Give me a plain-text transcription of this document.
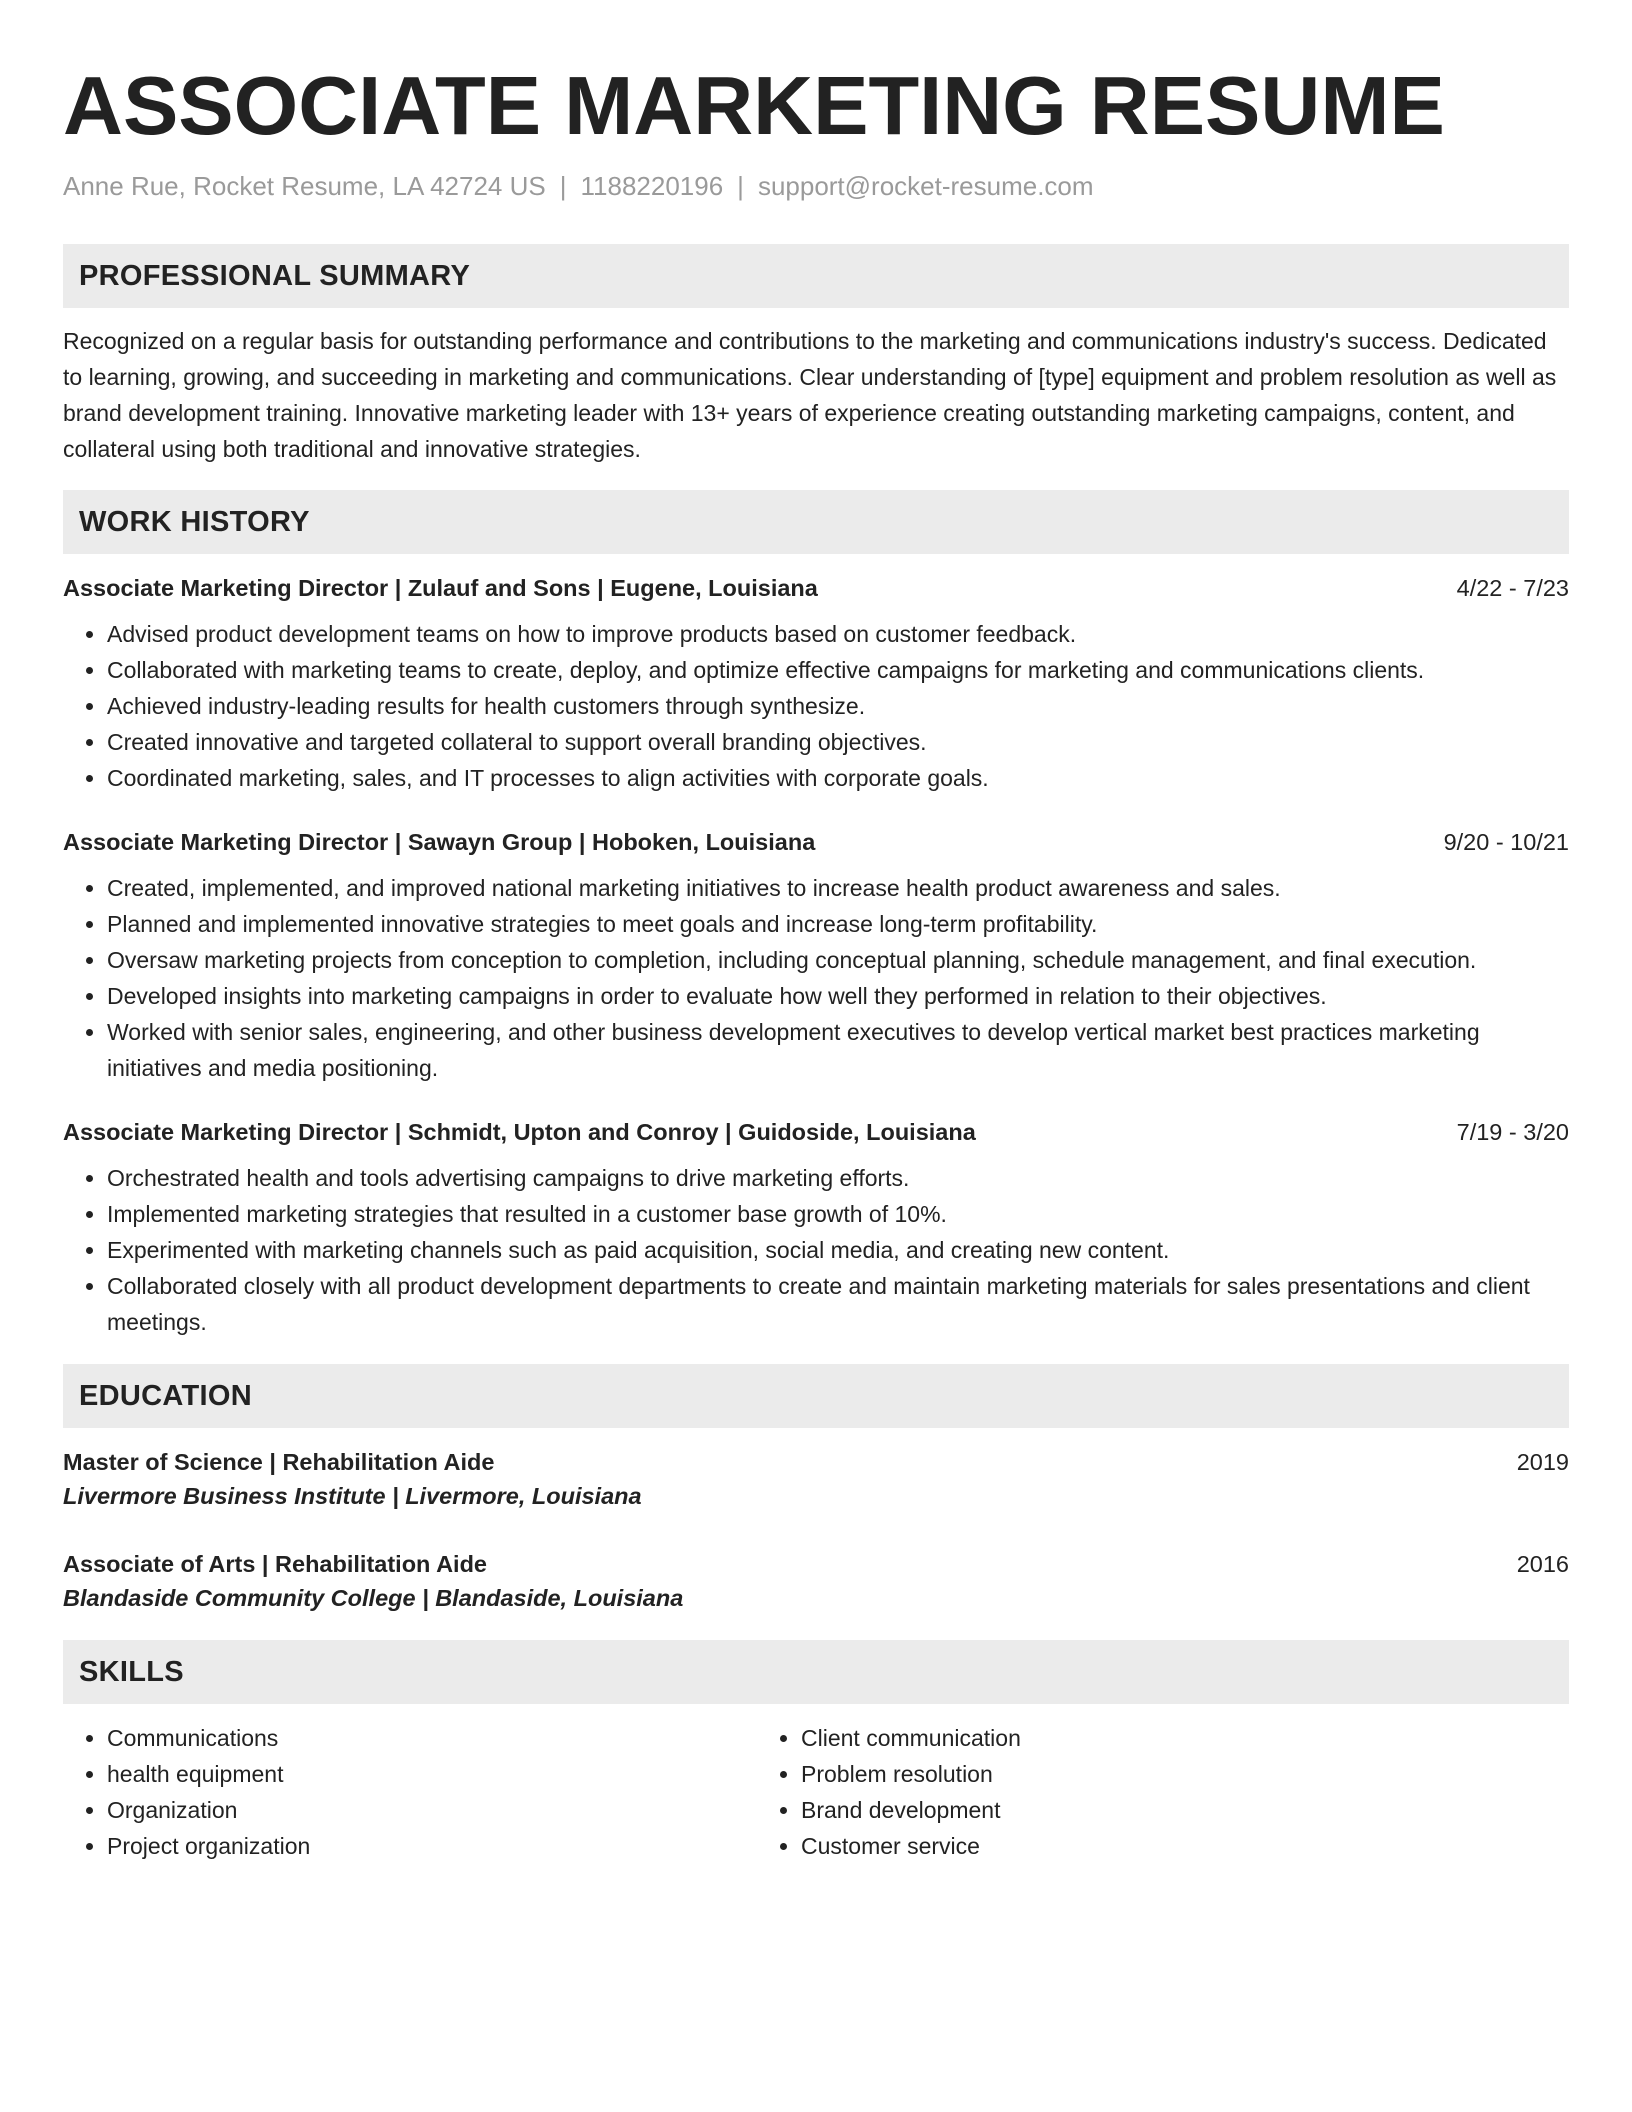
ASSOCIATE MARKETING RESUME
Anne Rue, Rocket Resume, LA 42724 US | 1188220196 | support@rocket-resume.com
PROFESSIONAL SUMMARY

Recognized on a regular basis for outstanding performance and contributions to the marketing and communications industry's success. Dedicated to learning, growing, and succeeding in marketing and communications. Clear understanding of [type] equipment and problem resolution as well as brand development training. Innovative marketing leader with 13+ years of experience creating outstanding marketing campaigns, content, and collateral using both traditional and innovative strategies.

WORK HISTORY
Associate Marketing Director | Zulauf and Sons | Eugene, Louisiana	4/22 - 7/23
• Advised product development teams on how to improve products based on customer feedback.
• Collaborated with marketing teams to create, deploy, and optimize effective campaigns for marketing and communications clients.
• Achieved industry-leading results for health customers through synthesize.
• Created innovative and targeted collateral to support overall branding objectives.
• Coordinated marketing, sales, and IT processes to align activities with corporate goals.
Associate Marketing Director | Sawayn Group | Hoboken, Louisiana	9/20 - 10/21
• Created, implemented, and improved national marketing initiatives to increase health product awareness and sales.
• Planned and implemented innovative strategies to meet goals and increase long-term profitability.
• Oversaw marketing projects from conception to completion, including conceptual planning, schedule management, and final execution.
• Developed insights into marketing campaigns in order to evaluate how well they performed in relation to their objectives.
• Worked with senior sales, engineering, and other business development executives to develop vertical market best practices marketing initiatives and media positioning.
Associate Marketing Director | Schmidt, Upton and Conroy | Guidoside, Louisiana	7/19 - 3/20
• Orchestrated health and tools advertising campaigns to drive marketing efforts.
• Implemented marketing strategies that resulted in a customer base growth of 10%.
• Experimented with marketing channels such as paid acquisition, social media, and creating new content.
• Collaborated closely with all product development departments to create and maintain marketing materials for sales presentations and client meetings.
EDUCATION
Master of Science | Rehabilitation Aide	2019
Livermore Business Institute | Livermore, Louisiana
Associate of Arts | Rehabilitation Aide	2016
Blandaside Community College | Blandaside, Louisiana
SKILLS
• Communications
• health equipment
• Organization
• Project organization
• Client communication
• Problem resolution
• Brand development
• Customer service
